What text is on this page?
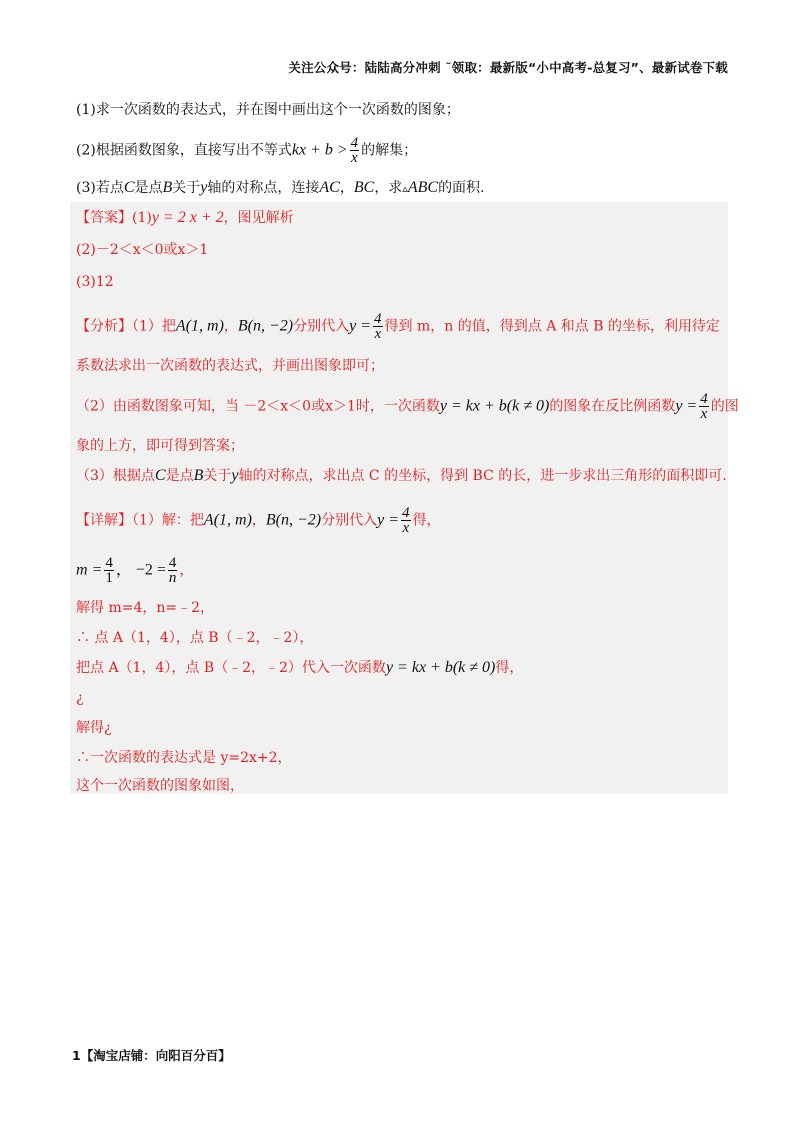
关注公众号：陆陆高分冲刺 ˜领取：最新版“小中高考-总复习”、最新试卷下载
(1)求一次函数的表达式，并在图中画出这个一次函数的图象；
(2)根据函数图象，直接写出不等式kx + $b > \frac{4}{x}$ 的解集；
(3)若点C是点B关于y轴的对称点，连接AC，BC，求▵ABC的面积.
【答案】(1)y = 2 x + 2，图见解析
(2)－2＜x＜0或x＞1
(3)12
【分析】（1）把A(1, m)，B(n, −2)分别代入$y = \frac{4}{x}$ 得到 m，n 的值，得到点 A 和点 B 的坐标，利用待定
系数法求出一次函数的表达式，并画出图象即可；
（2）由函数图象可知，当 －2＜x＜0或x＞1时，一次函数y = kx + b(k ≠ 0)的图象在反比例函数$y = \frac{4}{x}$ 的图
象的上方，即可得到答案；
（3）根据点C是点B关于y轴的对称点，求出点 C 的坐标，得到 BC 的长，进一步求出三角形的面积即可.
【详解】（1）解：把A(1, m)，B(n, −2)分别代入$y = \frac{4}{x}$ 得，
$m = \frac{4}{1}$ ， $-2 = \frac{4}{n}$ ，
解得 m=4，n=﹣2，
∴ 点 A（1，4），点 B（﹣2，﹣2），
把点 A（1，4），点 B（﹣2，﹣2）代入一次函数y = kx + b(k ≠ 0)得，
¿
解得¿
∴一次函数的表达式是 y=2x+2，
这个一次函数的图象如图，
1【淘宝店铺：向阳百分百】
